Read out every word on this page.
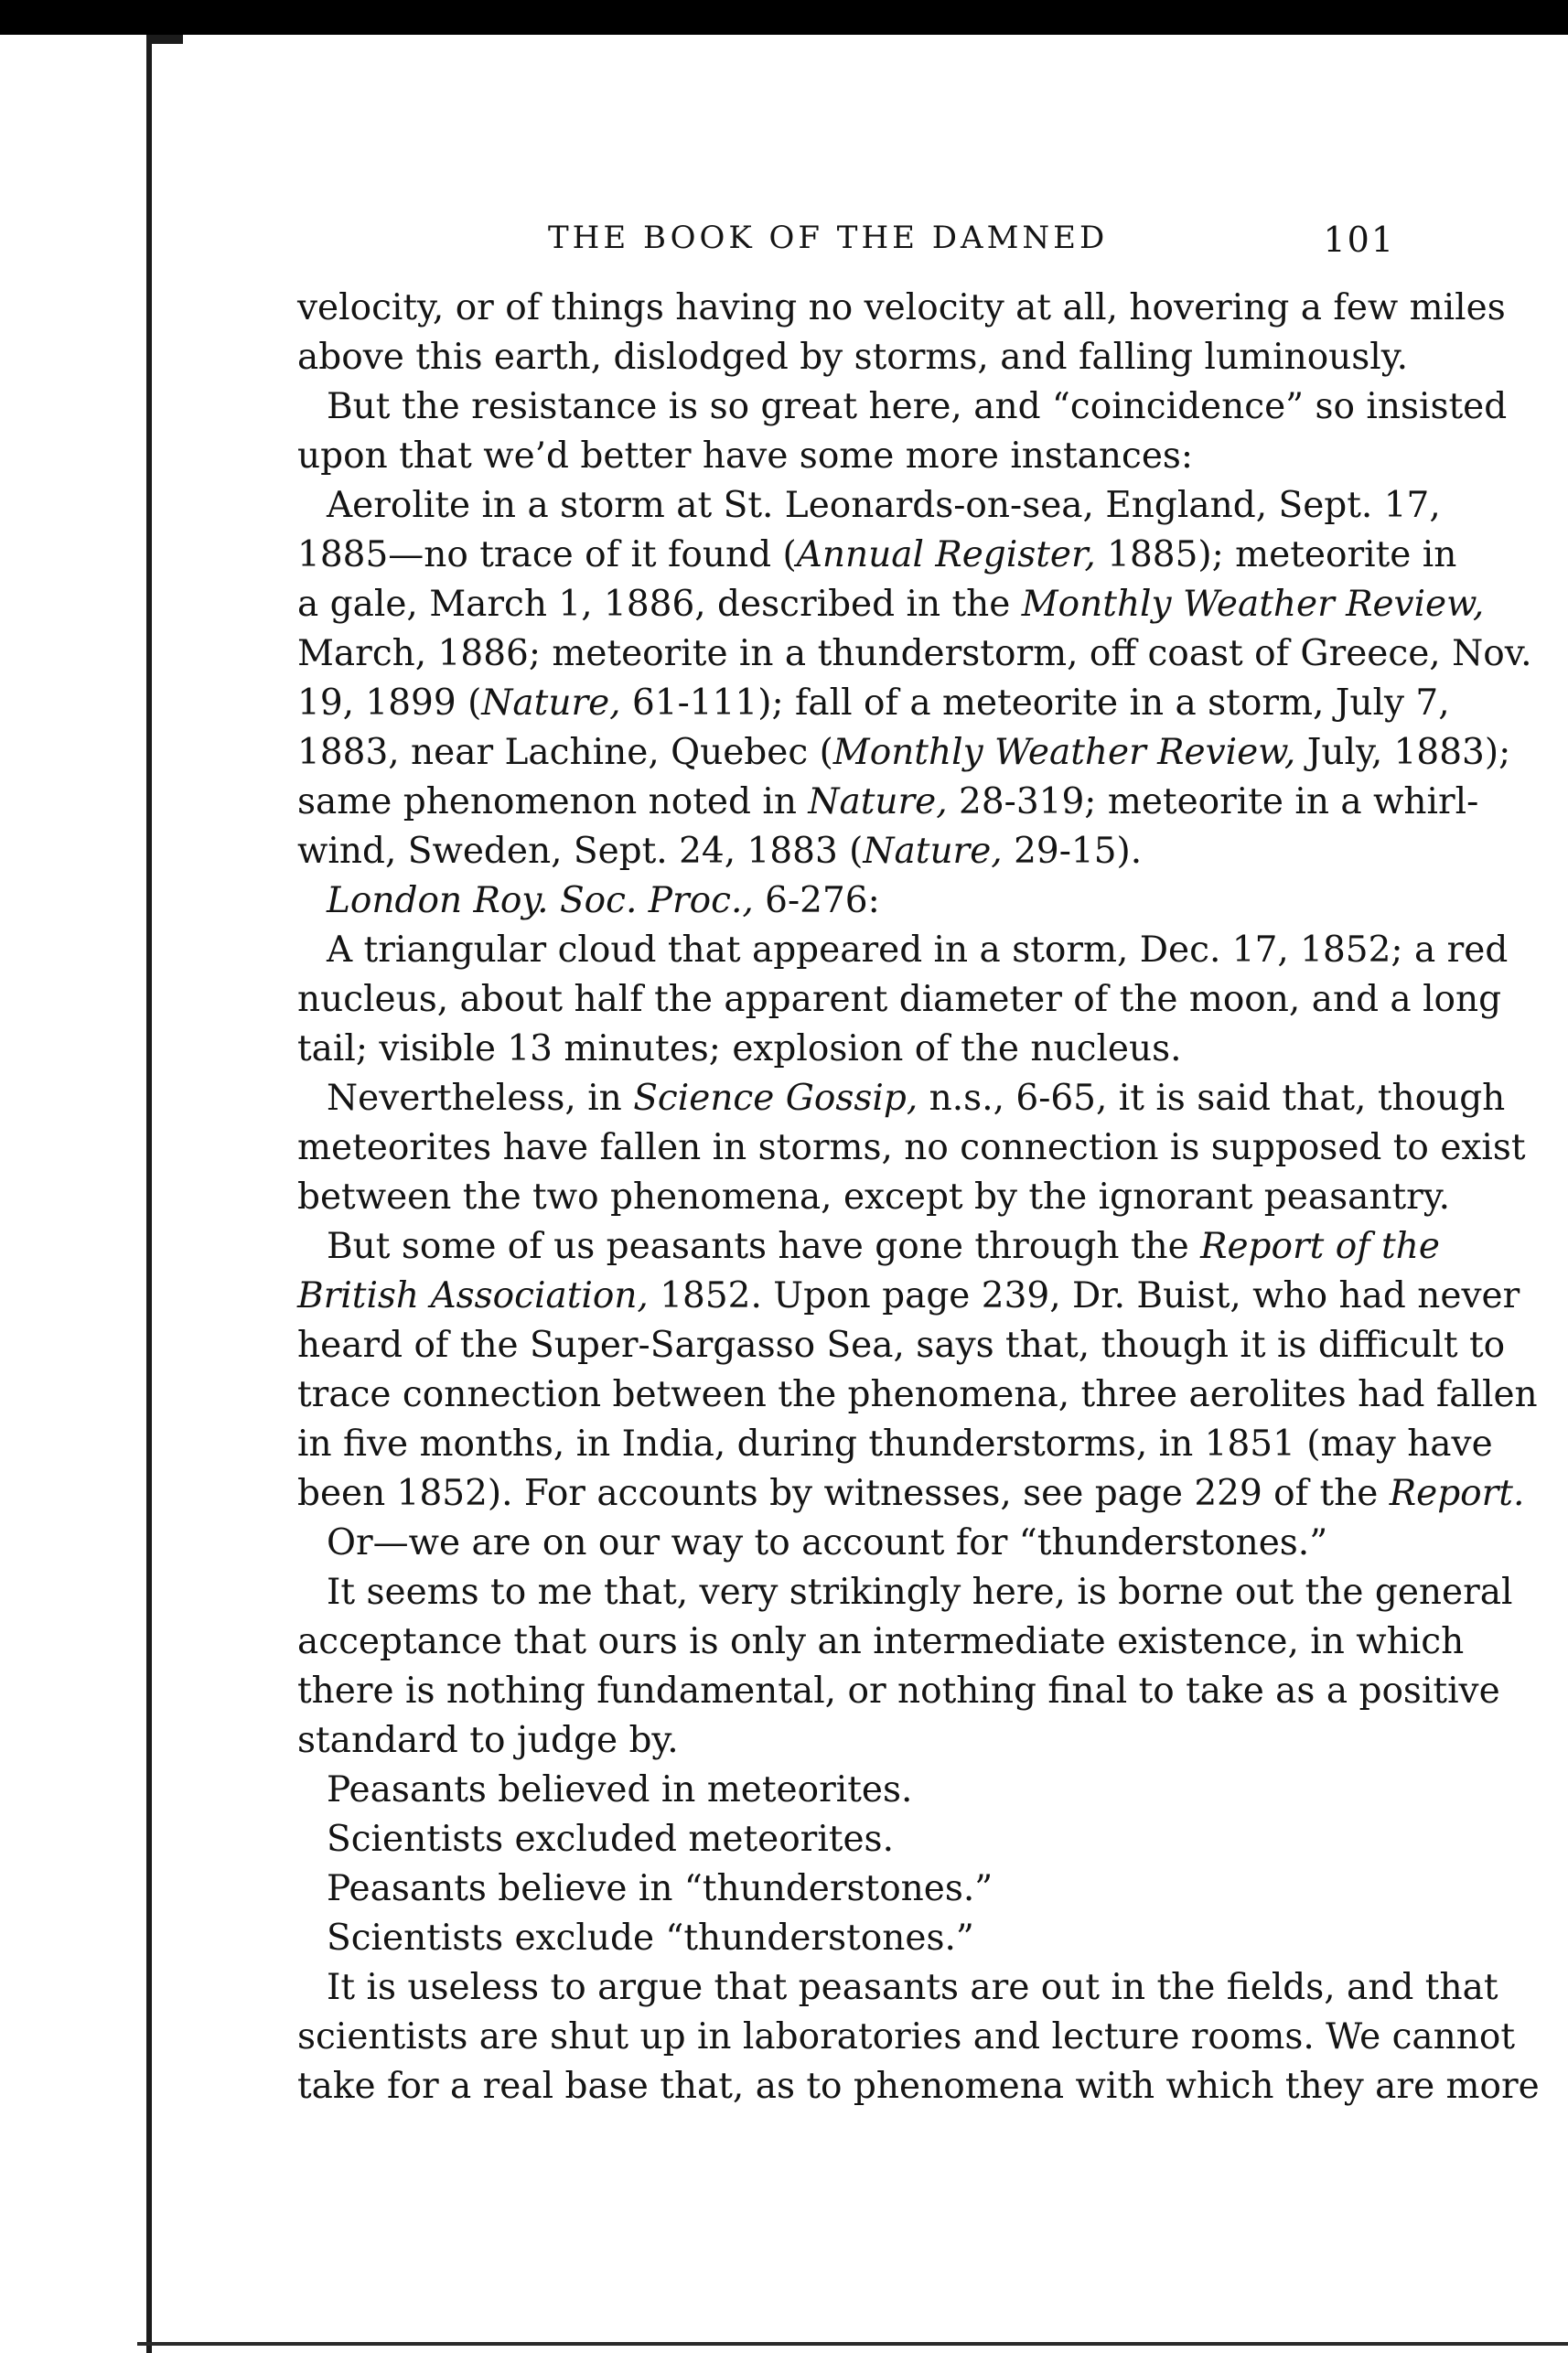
THE BOOK OF THE DAMNED	101
velocity, or of things having no velocity at all, hovering a few miles
above this earth, dislodged by storms, and falling luminously.
But the resistance is so great here, and “coincidence” so insisted
upon that we’d better have some more instances:
Aerolite in a storm at St. Leonards-on-sea, England, Sept. 17,
1885—no trace of it found (Annual Register, 1885); meteorite in
a gale, March 1, 1886, described in the Monthly Weather Review,
March, 1886; meteorite in a thunderstorm, off coast of Greece, Nov.
19, 1899 (Nature, 61-111); fall of a meteorite in a storm, July 7,
1883, near Lachine, Quebec (Monthly Weather Review, July, 1883);
same phenomenon noted in Nature, 28-319; meteorite in a whirl-
wind, Sweden, Sept. 24, 1883 (Nature, 29-15).
London Roy. Soc. Proc., 6-276:
A triangular cloud that appeared in a storm, Dec. 17, 1852; a red
nucleus, about half the apparent diameter of the moon, and a long
tail; visible 13 minutes; explosion of the nucleus.
Nevertheless, in Science Gossip, n.s., 6-65, it is said that, though
meteorites have fallen in storms, no connection is supposed to exist
between the two phenomena, except by the ignorant peasantry.
But some of us peasants have gone through the Report of the
British Association, 1852. Upon page 239, Dr. Buist, who had never
heard of the Super-Sargasso Sea, says that, though it is difficult to
trace connection between the phenomena, three aerolites had fallen
in five months, in India, during thunderstorms, in 1851 (may have
been 1852). For accounts by witnesses, see page 229 of the Report.
Or—we are on our way to account for “thunderstones.”
It seems to me that, very strikingly here, is borne out the general
acceptance that ours is only an intermediate existence, in which
there is nothing fundamental, or nothing final to take as a positive
standard to judge by.
Peasants believed in meteorites.
Scientists excluded meteorites.
Peasants believe in “thunderstones.”
Scientists exclude “thunderstones.”
It is useless to argue that peasants are out in the fields, and that
scientists are shut up in laboratories and lecture rooms. We cannot
take for a real base that, as to phenomena with which they are more
